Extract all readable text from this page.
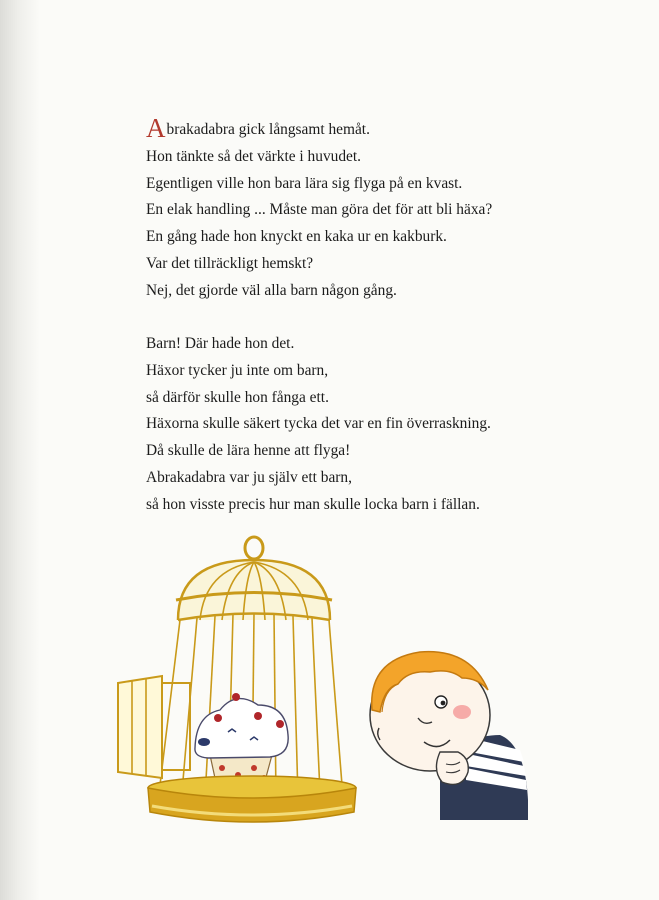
Abrakadabra gick långsamt hemåt.
Hon tänkte så det värkte i huvudet.
Egentligen ville hon bara lära sig flyga på en kvast.
En elak handling ... Måste man göra det för att bli häxa?
En gång hade hon knyckt en kaka ur en kakburk.
Var det tillräckligt hemskt?
Nej, det gjorde väl alla barn någon gång.

Barn! Där hade hon det.
Häxor tycker ju inte om barn,
så därför skulle hon fånga ett.
Häxorna skulle säkert tycka det var en fin överraskning.
Då skulle de lära henne att flyga!
Abrakadabra var ju själv ett barn,
så hon visste precis hur man skulle locka barn i fällan.
